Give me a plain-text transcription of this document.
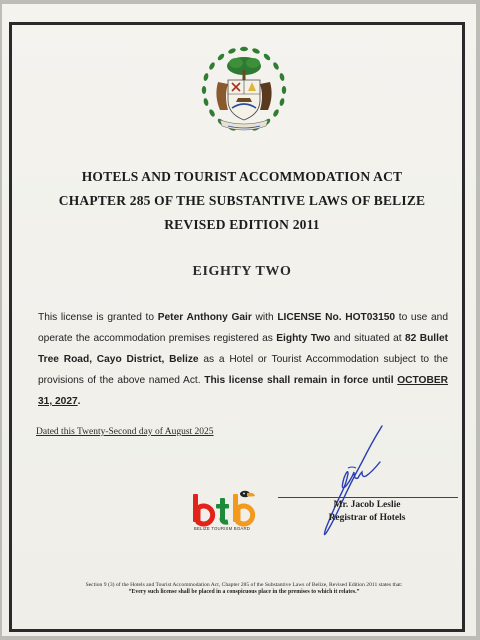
HOTELS AND TOURIST ACCOMMODATION ACT
CHAPTER 285 OF THE SUBSTANTIVE LAWS OF BELIZE
REVISED EDITION 2011
EIGHTY TWO
This license is granted to Peter Anthony Gair with LICENSE No. HOT03150 to use and operate the accommodation premises registered as Eighty Two and situated at 82 Bullet Tree Road, Cayo District, Belize as a Hotel or Tourist Accommodation subject to the provisions of the above named Act. This license shall remain in force until OCTOBER 31, 2027.
Dated this Twenty-Second day of August 2025
BELIZE TOURISM BOARD
Mr. Jacob Leslie
Registrar of Hotels
Section 9 (3) of the Hotels and Tourist Accommodation Act, Chapter 285 of the Substantive Laws of Belize, Revised Edition 2011 states that:
“Every such license shall be placed in a conspicuous place in the premises to which it relates.”
